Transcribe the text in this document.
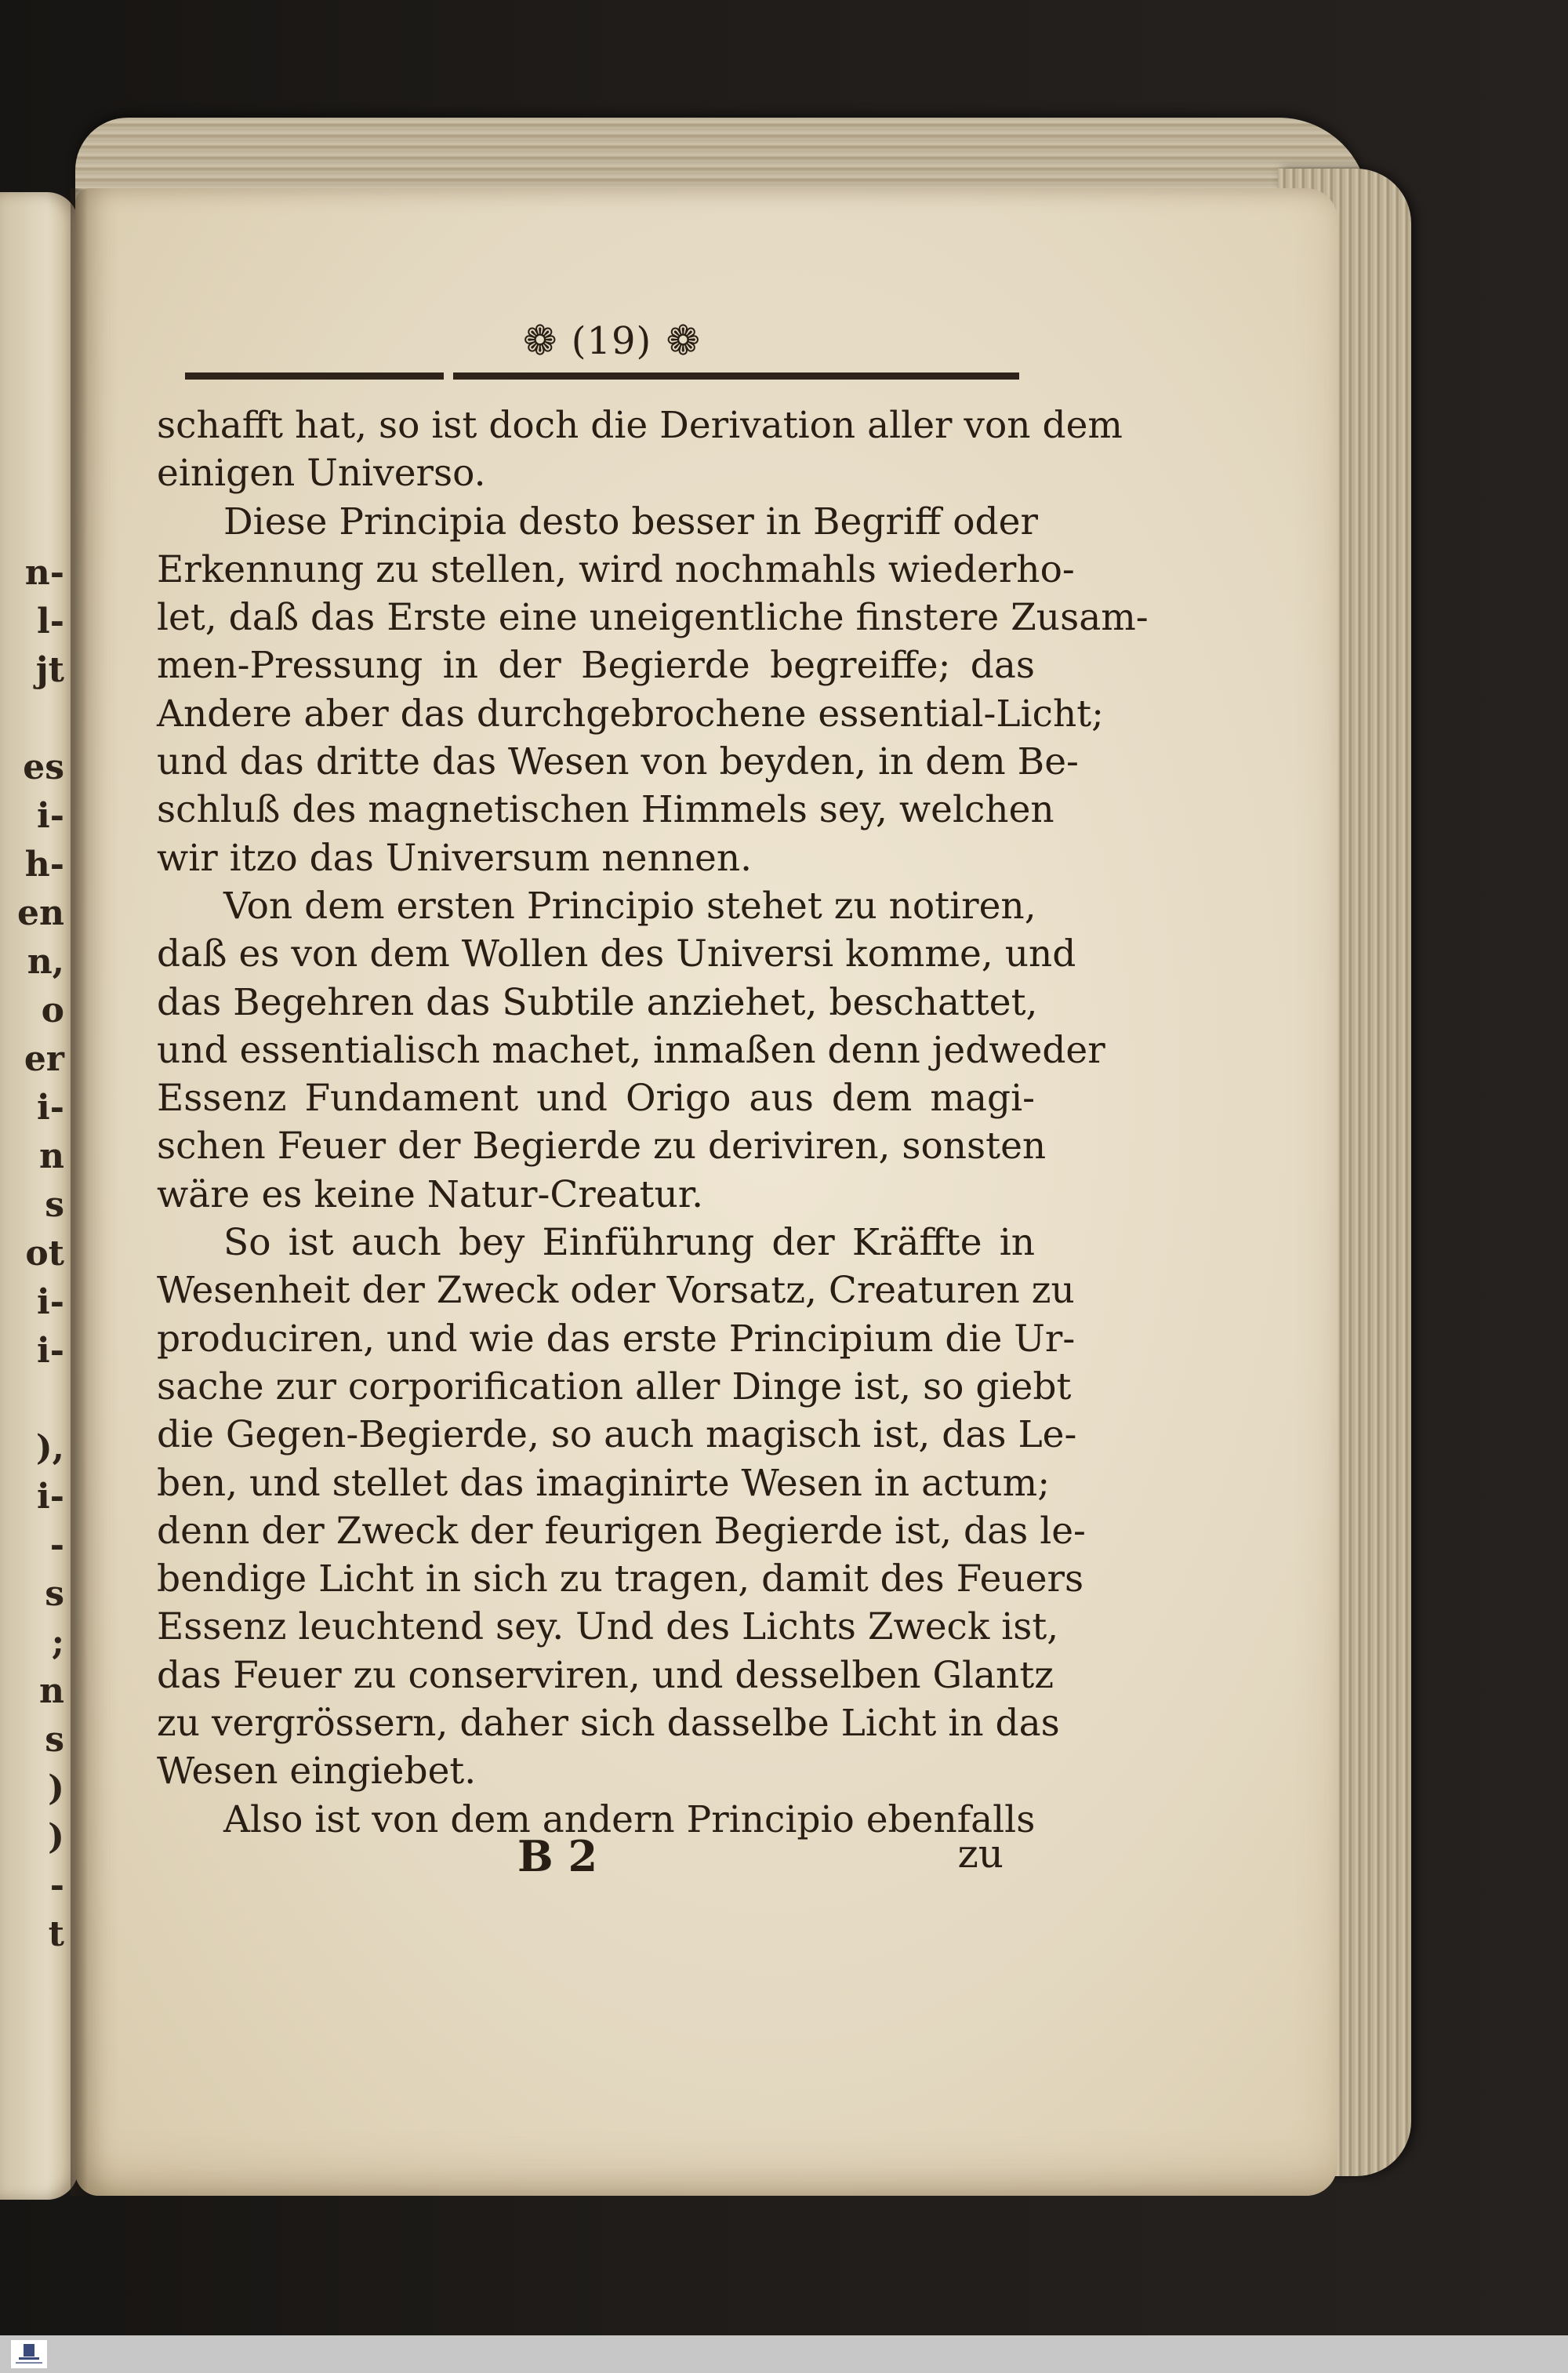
n-
l-
jt
es
i-
h-
en
n,
o
er
i-
n
s
ot
i-
i-
),
i-
-
s
;
n
s
)
)
-
t
❁ (19) ❁
schafft hat, so ist doch die Derivation aller von dem
einigen Universo.
Diese Principia desto besser in Begriff oder
Erkennung zu stellen, wird nochmahls wiederho-
let, daß das Erste eine uneigentliche finstere Zusam-
men-Pressung in der Begierde begreiffe; das
Andere aber das durchgebrochene essential-Licht;
und das dritte das Wesen von beyden, in dem Be-
schluß des magnetischen Himmels sey, welchen
wir itzo das Universum nennen.
Von dem ersten Principio stehet zu notiren,
daß es von dem Wollen des Universi komme, und
das Begehren das Subtile anziehet, beschattet,
und essentialisch machet, inmaßen denn jedweder
Essenz Fundament und Origo aus dem magi-
schen Feuer der Begierde zu deriviren, sonsten
wäre es keine Natur-Creatur.
So ist auch bey Einführung der Kräffte in
Wesenheit der Zweck oder Vorsatz, Creaturen zu
produciren, und wie das erste Principium die Ur-
sache zur corporification aller Dinge ist, so giebt
die Gegen-Begierde, so auch magisch ist, das Le-
ben, und stellet das imaginirte Wesen in actum;
denn der Zweck der feurigen Begierde ist, das le-
bendige Licht in sich zu tragen, damit des Feuers
Essenz leuchtend sey. Und des Lichts Zweck ist,
das Feuer zu conserviren, und desselben Glantz
zu vergrössern, daher sich dasselbe Licht in das
Wesen eingiebet.
Also ist von dem andern Principio ebenfalls
B 2	zu
